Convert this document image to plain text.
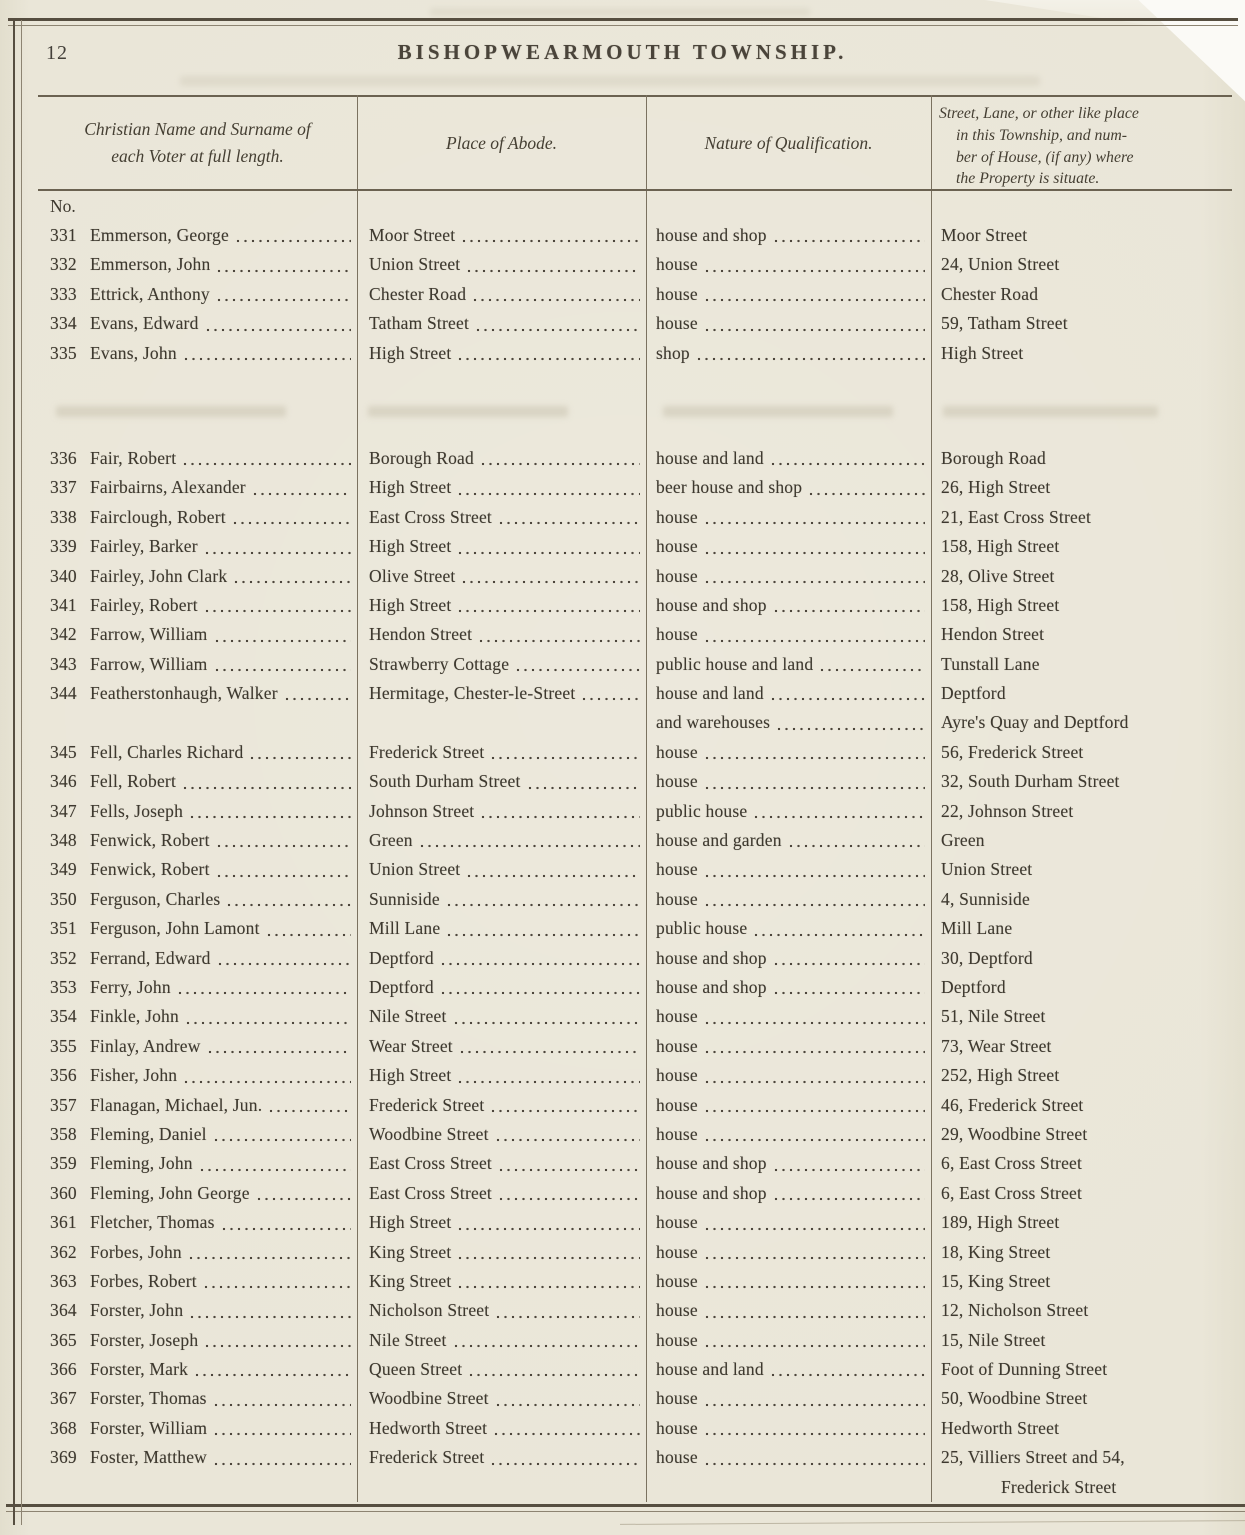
12	BISHOPWEARMOUTH TOWNSHIP.
Christian Name and Surname of
each Voter at full length.
Place of Abode.	Nature of Qualification.
Street, Lane, or other like place
in this Township, and num-
ber of House, (if any) where
the Property is situate.
No.
331 Emmerson, George	Moor Street	house and shop	Moor Street
332 Emmerson, John	Union Street	house	24, Union Street
333 Ettrick, Anthony	Chester Road	house	Chester Road
334 Evans, Edward	Tatham Street	house	59, Tatham Street
335 Evans, John	High Street	shop	High Street
336 Fair, Robert	Borough Road	house and land	Borough Road
337 Fairbairns, Alexander	High Street	beer house and shop	26, High Street
338 Fairclough, Robert	East Cross Street	house	21, East Cross Street
339 Fairley, Barker	High Street	house	158, High Street
340 Fairley, John Clark	Olive Street	house	28, Olive Street
341 Fairley, Robert	High Street	house and shop	158, High Street
342 Farrow, William	Hendon Street	house	Hendon Street
343 Farrow, William	Strawberry Cottage	public house and land	Tunstall Lane
344 Featherstonhaugh, Walker	Hermitage, Chester-le-Street	house and land	Deptford
and warehouses	Ayre's Quay and Deptford
345 Fell, Charles Richard	Frederick Street	house	56, Frederick Street
346 Fell, Robert	South Durham Street	house	32, South Durham Street
347 Fells, Joseph	Johnson Street	public house	22, Johnson Street
348 Fenwick, Robert	Green	house and garden	Green
349 Fenwick, Robert	Union Street	house	Union Street
350 Ferguson, Charles	Sunniside	house	4, Sunniside
351 Ferguson, John Lamont	Mill Lane	public house	Mill Lane
352 Ferrand, Edward	Deptford	house and shop	30, Deptford
353 Ferry, John	Deptford	house and shop	Deptford
354 Finkle, John	Nile Street	house	51, Nile Street
355 Finlay, Andrew	Wear Street	house	73, Wear Street
356 Fisher, John	High Street	house	252, High Street
357 Flanagan, Michael, Jun.	Frederick Street	house	46, Frederick Street
358 Fleming, Daniel	Woodbine Street	house	29, Woodbine Street
359 Fleming, John	East Cross Street	house and shop	6, East Cross Street
360 Fleming, John George	East Cross Street	house and shop	6, East Cross Street
361 Fletcher, Thomas	High Street	house	189, High Street
362 Forbes, John	King Street	house	18, King Street
363 Forbes, Robert	King Street	house	15, King Street
364 Forster, John	Nicholson Street	house	12, Nicholson Street
365 Forster, Joseph	Nile Street	house	15, Nile Street
366 Forster, Mark	Queen Street	house and land	Foot of Dunning Street
367 Forster, Thomas	Woodbine Street	house	50, Woodbine Street
368 Forster, William	Hedworth Street	house	Hedworth Street
369 Foster, Matthew	Frederick Street	house	25, Villiers Street and 54,
Frederick Street
